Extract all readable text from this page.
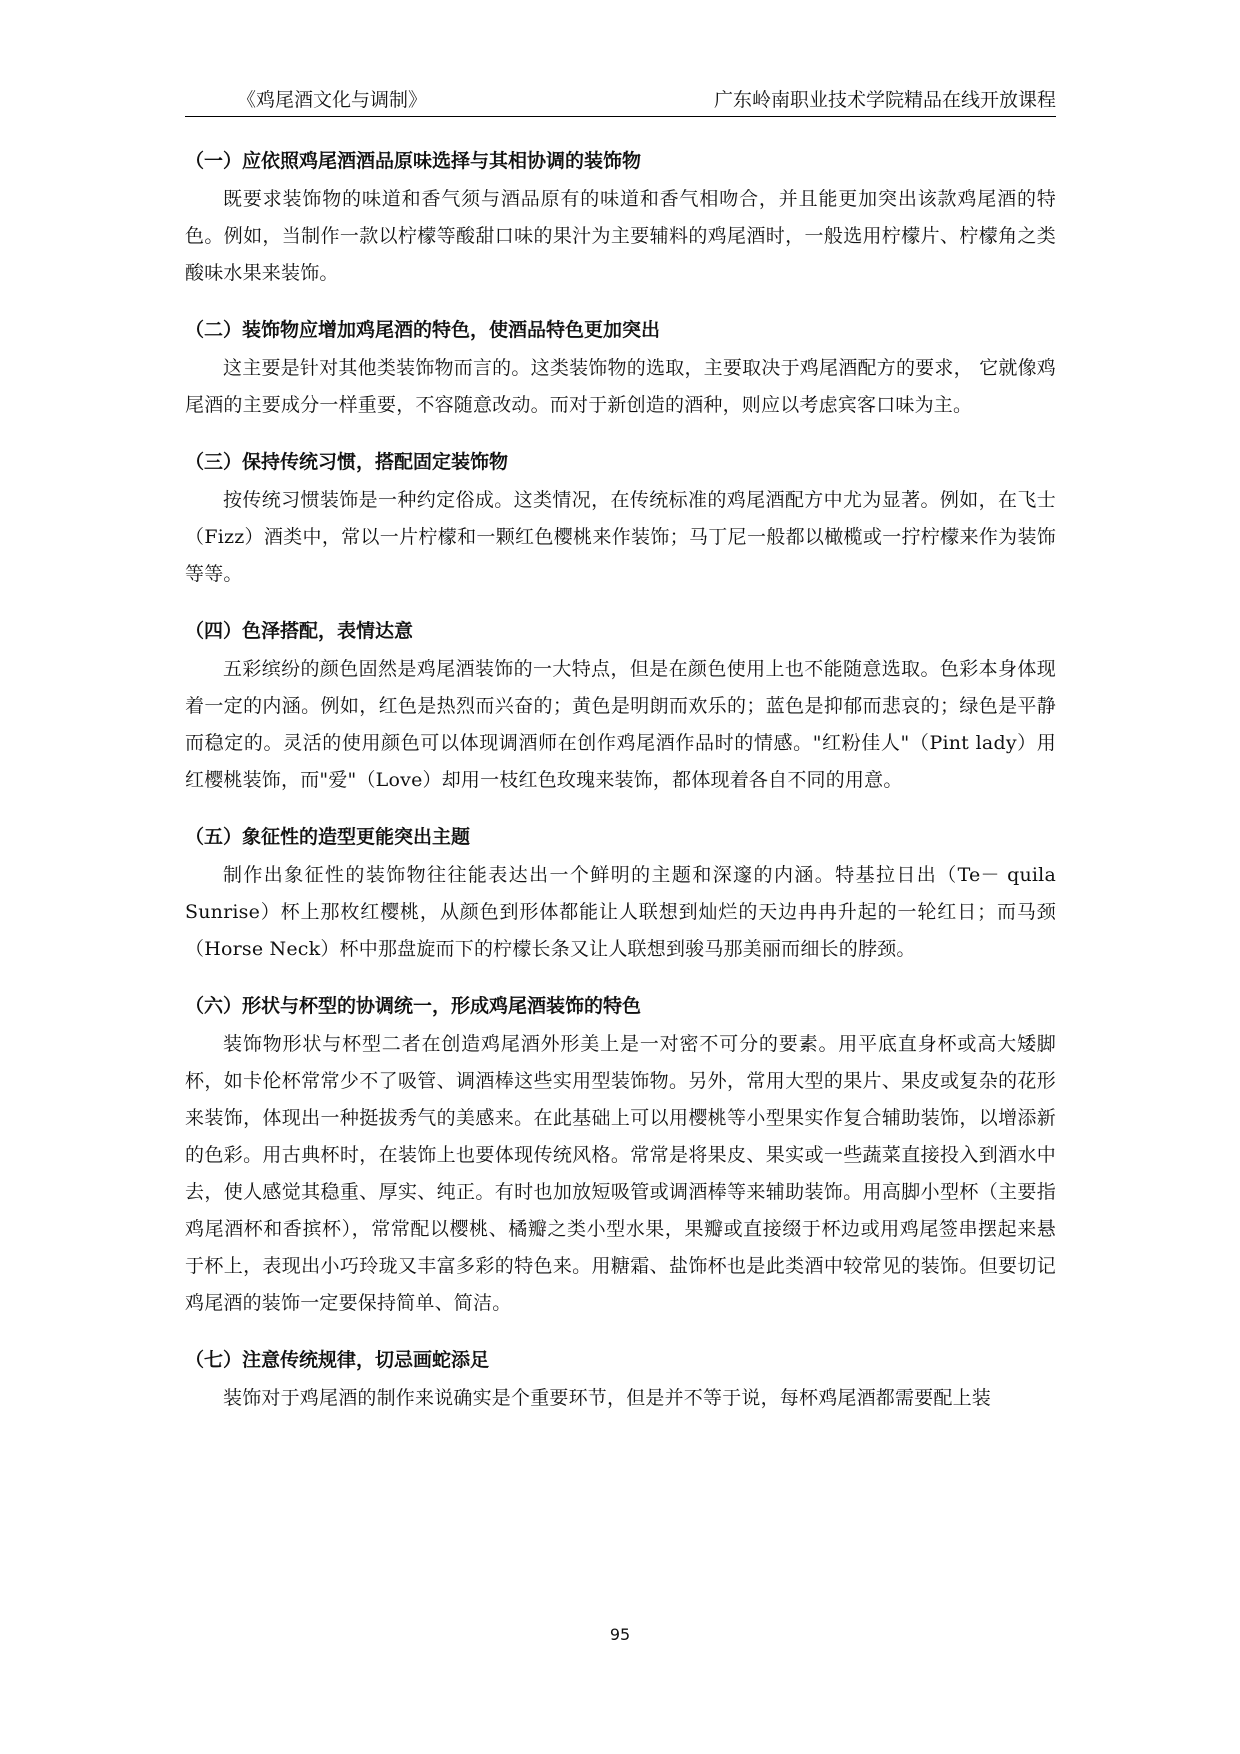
《鸡尾酒文化与调制》	广东岭南职业技术学院精品在线开放课程
（一）应依照鸡尾酒酒品原味选择与其相协调的装饰物

既要求装饰物的味道和香气须与酒品原有的味道和香气相吻合，并且能更加突出该款鸡尾酒的特色。例如，当制作一款以柠檬等酸甜口味的果汁为主要辅料的鸡尾酒时，一般选用柠檬片、柠檬角之类酸味水果来装饰。

（二）装饰物应增加鸡尾酒的特色，使酒品特色更加突出

这主要是针对其他类装饰物而言的。这类装饰物的选取，主要取决于鸡尾酒配方的要求， 它就像鸡尾酒的主要成分一样重要，不容随意改动。而对于新创造的酒种，则应以考虑宾客口味为主。

（三）保持传统习惯，搭配固定装饰物

按传统习惯装饰是一种约定俗成。这类情况，在传统标准的鸡尾酒配方中尤为显著。例如，在飞士（Fizz）酒类中，常以一片柠檬和一颗红色樱桃来作装饰；马丁尼一般都以橄榄或一拧柠檬来作为装饰等等。

（四）色泽搭配，表情达意

五彩缤纷的颜色固然是鸡尾酒装饰的一大特点，但是在颜色使用上也不能随意选取。色彩本身体现着一定的内涵。例如，红色是热烈而兴奋的；黄色是明朗而欢乐的；蓝色是抑郁而悲哀的；绿色是平静而稳定的。灵活的使用颜色可以体现调酒师在创作鸡尾酒作品时的情感。"红粉佳人"（Pint lady）用红樱桃装饰，而"爱"（Love）却用一枝红色玫瑰来装饰，都体现着各自不同的用意。

（五）象征性的造型更能突出主题

制作出象征性的装饰物往往能表达出一个鲜明的主题和深邃的内涵。特基拉日出（Te－ quila Sunrise）杯上那枚红樱桃，从颜色到形体都能让人联想到灿烂的天边冉冉升起的一轮红日；而马颈（Horse Neck）杯中那盘旋而下的柠檬长条又让人联想到骏马那美丽而细长的脖颈。

（六）形状与杯型的协调统一，形成鸡尾酒装饰的特色

装饰物形状与杯型二者在创造鸡尾酒外形美上是一对密不可分的要素。用平底直身杯或高大矮脚杯，如卡伦杯常常少不了吸管、调酒棒这些实用型装饰物。另外，常用大型的果片、果皮或复杂的花形来装饰，体现出一种挺拔秀气的美感来。在此基础上可以用樱桃等小型果实作复合辅助装饰，以增添新的色彩。用古典杯时，在装饰上也要体现传统风格。常常是将果皮、果实或一些蔬菜直接投入到酒水中去，使人感觉其稳重、厚实、纯正。有时也加放短吸管或调酒棒等来辅助装饰。用高脚小型杯（主要指鸡尾酒杯和香摈杯），常常配以樱桃、橘瓣之类小型水果，果瓣或直接缀于杯边或用鸡尾签串摆起来悬于杯上，表现出小巧玲珑又丰富多彩的特色来。用糖霜、盐饰杯也是此类酒中较常见的装饰。但要切记鸡尾酒的装饰一定要保持简单、简洁。

（七）注意传统规律，切忌画蛇添足

装饰对于鸡尾酒的制作来说确实是个重要环节，但是并不等于说，每杯鸡尾酒都需要配上装

95
